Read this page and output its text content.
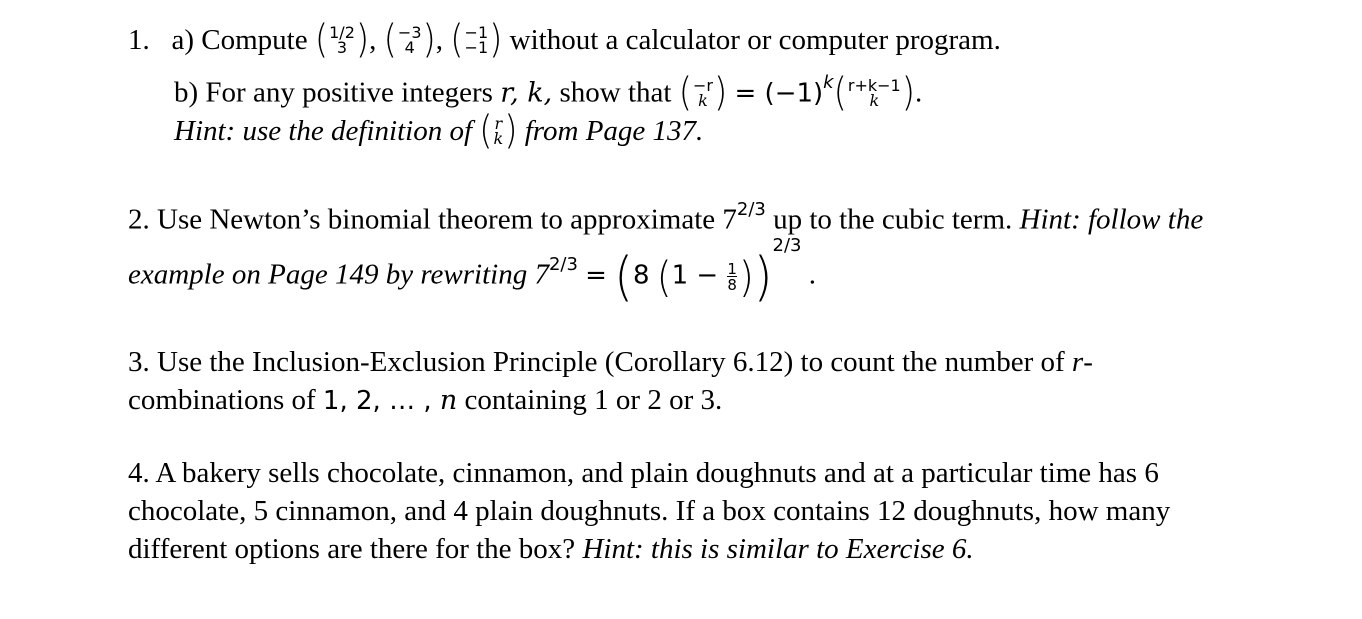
1. a) Compute ( 1/2
3 ) , ( −3
4 ) , ( −1
−1 ) without a calculator or computer program.
b) For any positive integers r, k, show that ( −r
k ) = $(-1)^k$ ( r+k−1
k ) .
Hint: use the definition of ( r
k ) from Page 137.
2. Use Newton’s binomial theorem to approximate $7^{2/3}$ up to the cubic term. Hint: follow the
example on Page 149 by rewriting $7^{2/3} = (8$ $(1 - \frac{1}{8} ))^{2/3}$ .
3. Use the Inclusion-Exclusion Principle (Corollary 6.12) to count the number of r-
combinations of 1, 2, … , n containing 1 or 2 or 3.
4. A bakery sells chocolate, cinnamon, and plain doughnuts and at a particular time has 6
chocolate, 5 cinnamon, and 4 plain doughnuts. If a box contains 12 doughnuts, how many
different options are there for the box? Hint: this is similar to Exercise 6.
